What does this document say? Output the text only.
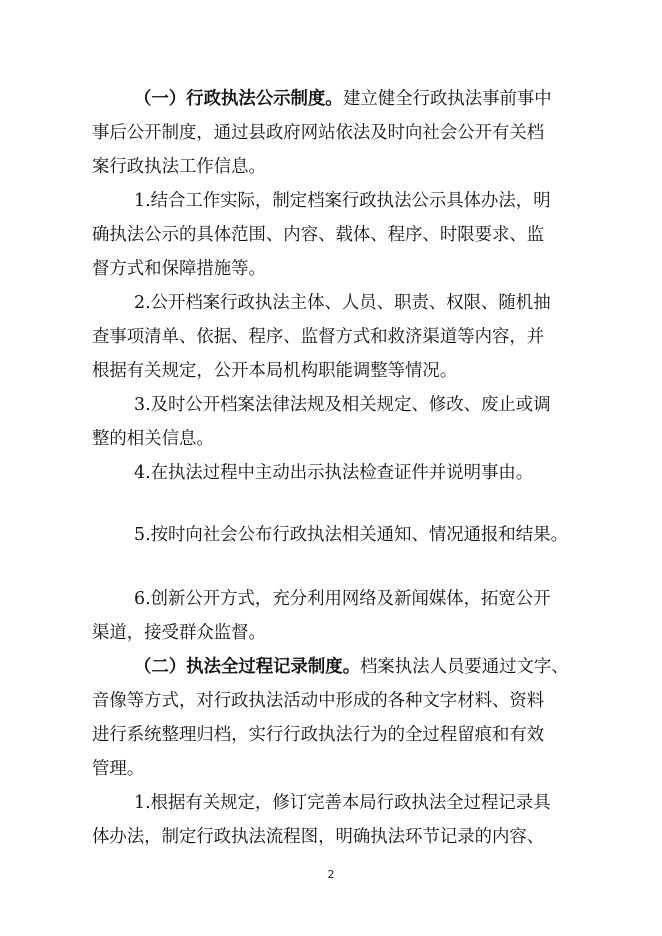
（一）行政执法公示制度。 建立健全行政执法事前事中
事后公开制度，通过县政府网站依法及时向社会公开有关档
案行政执法工作信息。
1.结合工作实际，制定档案行政执法公示具体办法，明
确执法公示的具体范围、内容、载体、程序、时限要求、监
督方式和保障措施等。
2.公开档案行政执法主体、人员、职责、权限、随机抽
查事项清单、依据、程序、监督方式和救济渠道等内容，并
根据有关规定，公开本局机构职能调整等情况。
3.及时公开档案法律法规及相关规定、修改、废止或调
整的相关信息。
4.在执法过程中主动出示执法检查证件并说明事由。
5.按时向社会公布行政执法相关通知、情况通报和结果。
6.创新公开方式，充分利用网络及新闻媒体，拓宽公开
渠道，接受群众监督。
（二）执法全过程记录制度。 档案执法人员要通过文字、
音像等方式，对行政执法活动中形成的各种文字材料、资料
进行系统整理归档，实行行政执法行为的全过程留痕和有效
管理。
1.根据有关规定，修订完善本局行政执法全过程记录具
体办法，制定行政执法流程图，明确执法环节记录的内容、
2
